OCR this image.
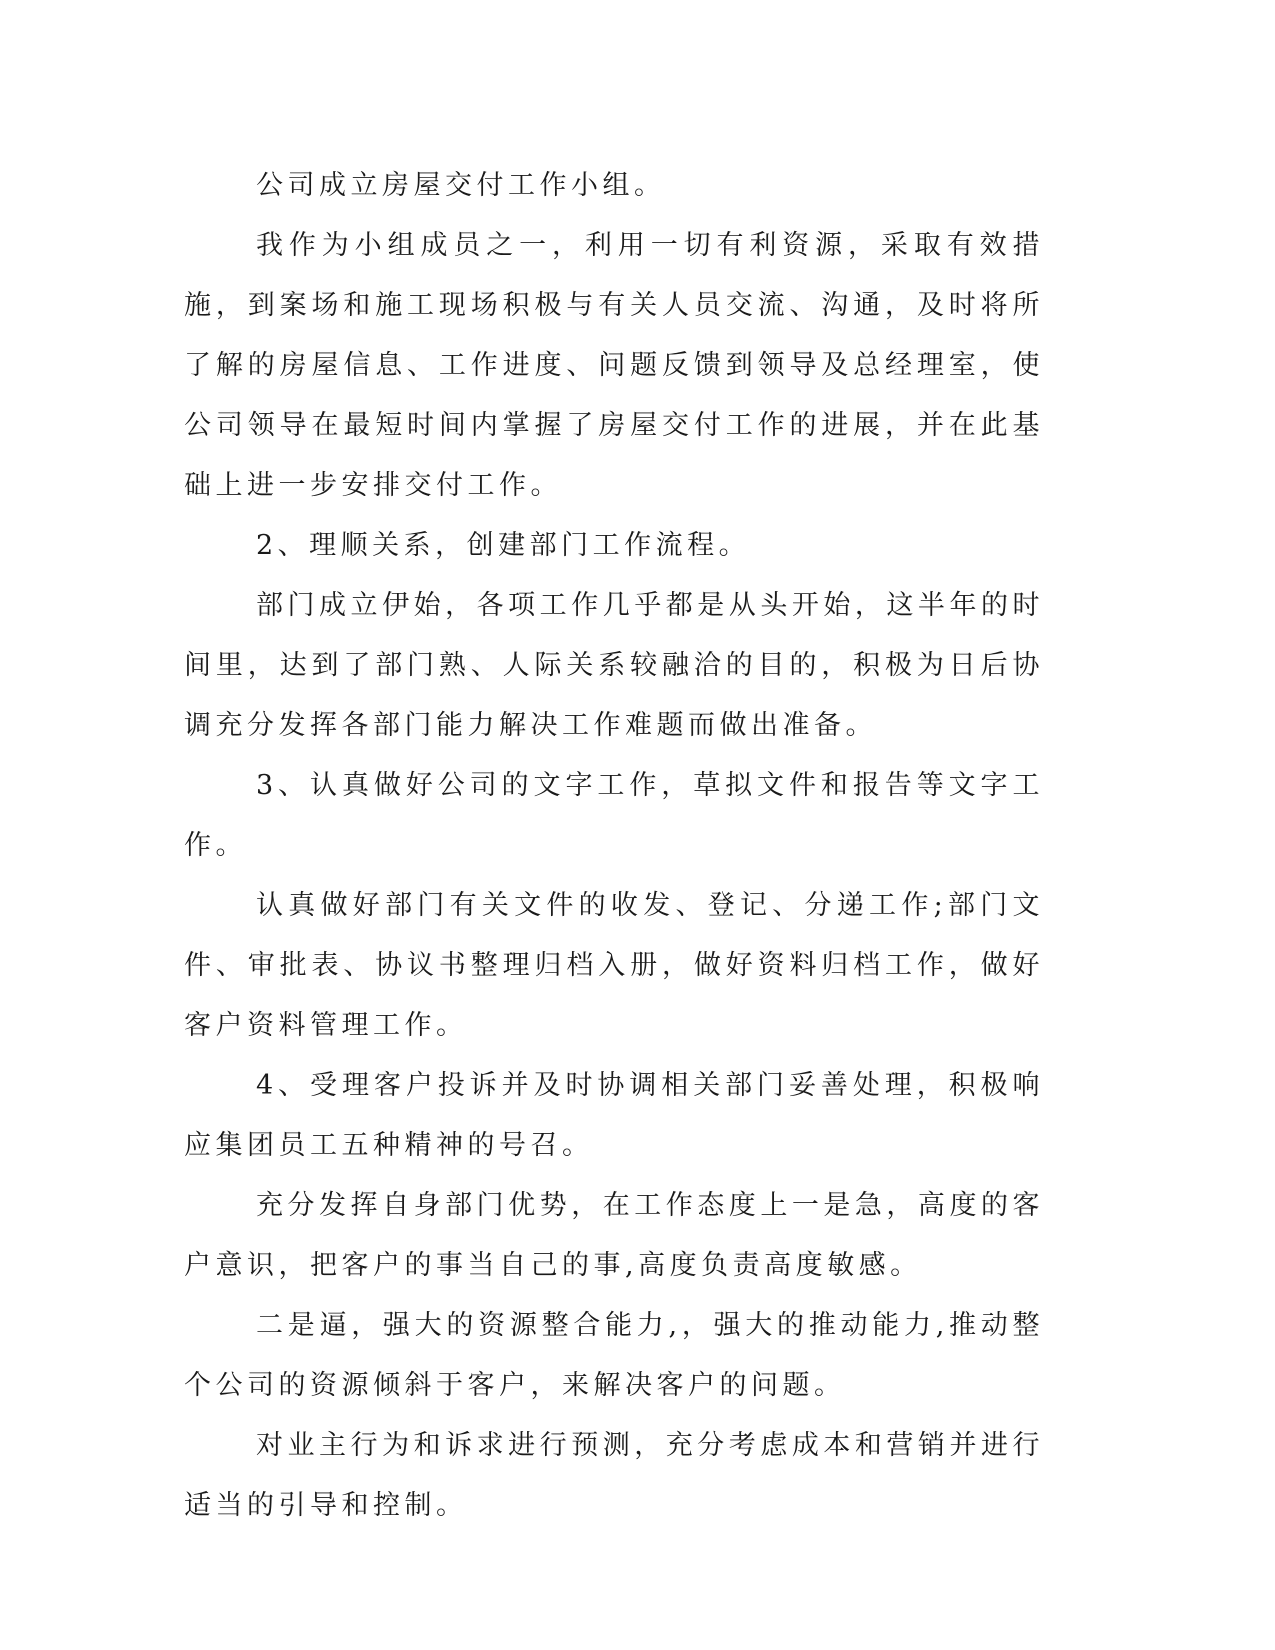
公司成立房屋交付工作小组。

我作为小组成员之一，利用一切有利资源，采取有效措施，到案场和施工现场积极与有关人员交流、沟通，及时将所了解的房屋信息、工作进度、问题反馈到领导及总经理室，使公司领导在最短时间内掌握了房屋交付工作的进展，并在此基础上进一步安排交付工作。

2、理顺关系，创建部门工作流程。

部门成立伊始，各项工作几乎都是从头开始，这半年的时间里，达到了部门熟、人际关系较融洽的目的，积极为日后协调充分发挥各部门能力解决工作难题而做出准备。

3、认真做好公司的文字工作，草拟文件和报告等文字工作。

认真做好部门有关文件的收发、登记、分递工作;部门文件、审批表、协议书整理归档入册，做好资料归档工作，做好客户资料管理工作。

4、受理客户投诉并及时协调相关部门妥善处理，积极响应集团员工五种精神的号召。

充分发挥自身部门优势，在工作态度上一是急，高度的客户意识，把客户的事当自己的事,高度负责高度敏感。

二是逼，强大的资源整合能力,，强大的推动能力,推动整个公司的资源倾斜于客户，来解决客户的问题。

对业主行为和诉求进行预测，充分考虑成本和营销并进行适当的引导和控制。
